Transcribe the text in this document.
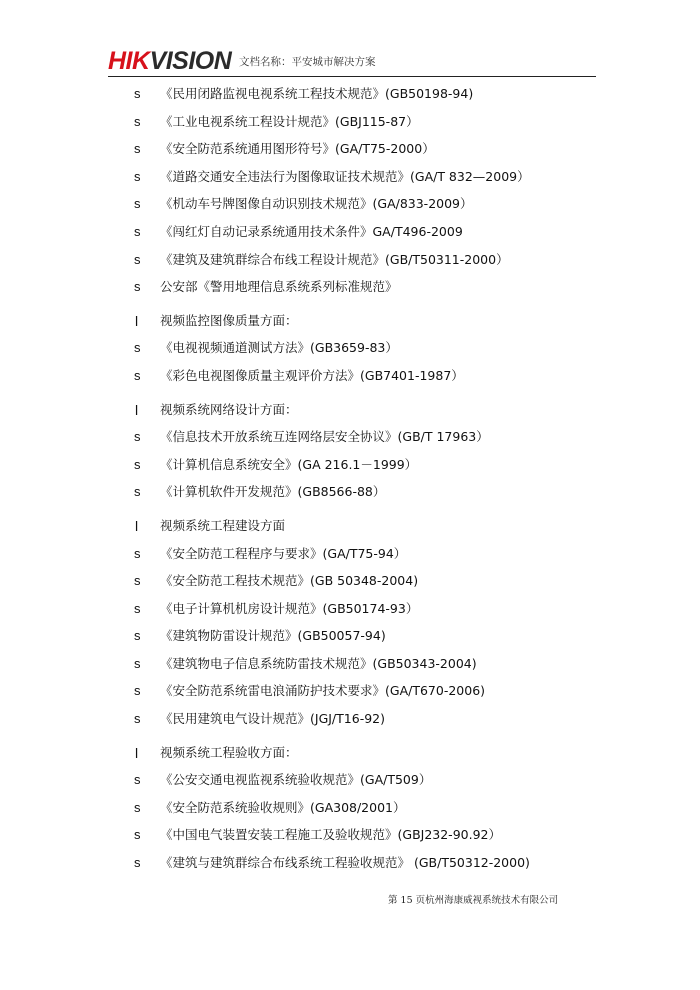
HIKVISION 文档名称：平安城市解决方案
s	《民用闭路监视电视系统工程技术规范》(GB50198-94)
s	《工业电视系统工程设计规范》(GBJ115-87）
s	《安全防范系统通用图形符号》(GA/T75-2000）
s	《道路交通安全违法行为图像取证技术规范》(GA/T 832—2009）
s	《机动车号牌图像自动识别技术规范》(GA/833-2009）
s	《闯红灯自动记录系统通用技术条件》GA/T496-2009
s	《建筑及建筑群综合布线工程设计规范》(GB/T50311-2000）
s	公安部《警用地理信息系统系列标准规范》
l	视频监控图像质量方面：
s	《电视视频通道测试方法》(GB3659-83）
s	《彩色电视图像质量主观评价方法》(GB7401-1987）
l	视频系统网络设计方面：
s	《信息技术开放系统互连网络层安全协议》(GB/T 17963）
s	《计算机信息系统安全》(GA 216.1－1999）
s	《计算机软件开发规范》(GB8566-88）
l	视频系统工程建设方面
s	《安全防范工程程序与要求》(GA/T75-94）
s	《安全防范工程技术规范》(GB 50348-2004)
s	《电子计算机机房设计规范》(GB50174-93）
s	《建筑物防雷设计规范》(GB50057-94)
s	《建筑物电子信息系统防雷技术规范》(GB50343-2004)
s	《安全防范系统雷电浪涌防护技术要求》(GA/T670-2006)
s	《民用建筑电气设计规范》(JGJ/T16-92)
l	视频系统工程验收方面：
s	《公安交通电视监视系统验收规范》(GA/T509）
s	《安全防范系统验收规则》(GA308/2001）
s	《中国电气装置安装工程施工及验收规范》(GBJ232-90.92）
s	《建筑与建筑群综合布线系统工程验收规范》 (GB/T50312-2000)
第 15 页杭州海康威视系统技术有限公司
